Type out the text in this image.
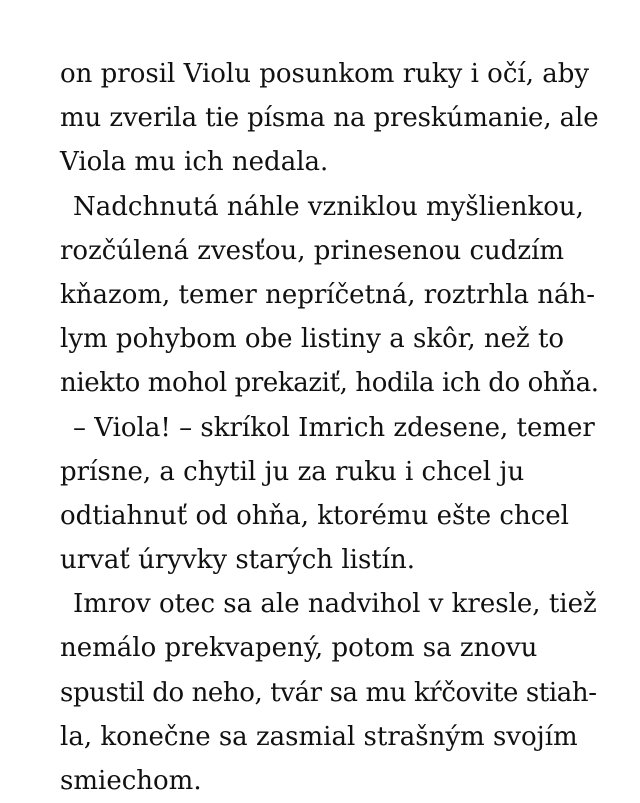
on prosil Violu posunkom ruky i očí, aby
mu zverila tie písma na preskúmanie, ale
Viola mu ich nedala.
Nadchnutá náhle vzniklou myšlienkou,
rozčúlená zvesťou, prinesenou cudzím
kňazom, temer nepríčetná, roztrhla náh-
lym pohybom obe listiny a skôr, než to
niekto mohol prekaziť, hodila ich do ohňa.
– Viola! – skríkol Imrich zdesene, temer
prísne, a chytil ju za ruku i chcel ju
odtiahnuť od ohňa, ktorému ešte chcel
urvať úryvky starých listín.
Imrov otec sa ale nadvihol v kresle, tiež
nemálo prekvapený, potom sa znovu
spustil do neho, tvár sa mu kŕčovite stiah-
la, konečne sa zasmial strašným svojím
smiechom.
